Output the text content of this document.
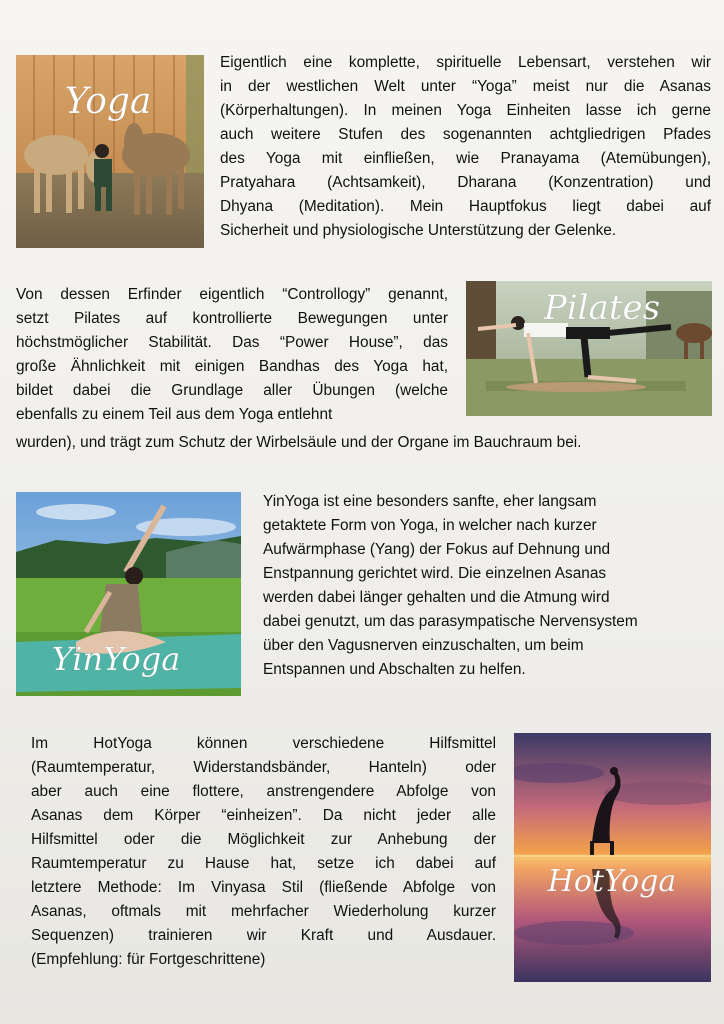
Yoga
Eigentlich eine komplette, spirituelle Lebensart, verstehen wir
in der westlichen Welt unter “Yoga” meist nur die Asanas
(Körperhaltungen). In meinen Yoga Einheiten lasse ich gerne
auch weitere Stufen des sogenannten achtgliedrigen Pfades
des Yoga mit einfließen, wie Pranayama (Atemübungen),
Pratyahara (Achtsamkeit), Dharana (Konzentration) und
Dhyana (Meditation). Mein Hauptfokus liegt dabei auf
Sicherheit und physiologische Unterstützung der Gelenke.
Von dessen Erfinder eigentlich “Controllogy” genannt,
setzt Pilates auf kontrollierte Bewegungen unter
höchstmöglicher Stabilität. Das “Power House”, das
große Ähnlichkeit mit einigen Bandhas des Yoga hat,
bildet dabei die Grundlage aller Übungen (welche
ebenfalls zu einem Teil aus dem Yoga entlehnt
wurden), und trägt zum Schutz der Wirbelsäule und der Organe im Bauchraum bei.
Pilates
YinYoga
YinYoga ist eine besonders sanfte, eher langsam
getaktete Form von Yoga, in welcher nach kurzer
Aufwärmphase (Yang) der Fokus auf Dehnung und
Enstpannung gerichtet wird. Die einzelnen Asanas
werden dabei länger gehalten und die Atmung wird
dabei genutzt, um das parasympatische Nervensystem
über den Vagusnerven einzuschalten, um beim
Entspannen und Abschalten zu helfen.
Im HotYoga können verschiedene Hilfsmittel
(Raumtemperatur, Widerstandsbänder, Hanteln) oder
aber auch eine flottere, anstrengendere Abfolge von
Asanas dem Körper “einheizen”. Da nicht jeder alle
Hilfsmittel oder die Möglichkeit zur Anhebung der
Raumtemperatur zu Hause hat, setze ich dabei auf
letztere Methode: Im Vinyasa Stil (fließende Abfolge von
Asanas, oftmals mit mehrfacher Wiederholung kurzer
Sequenzen) trainieren wir Kraft und Ausdauer.
(Empfehlung: für Fortgeschrittene)
HotYoga
